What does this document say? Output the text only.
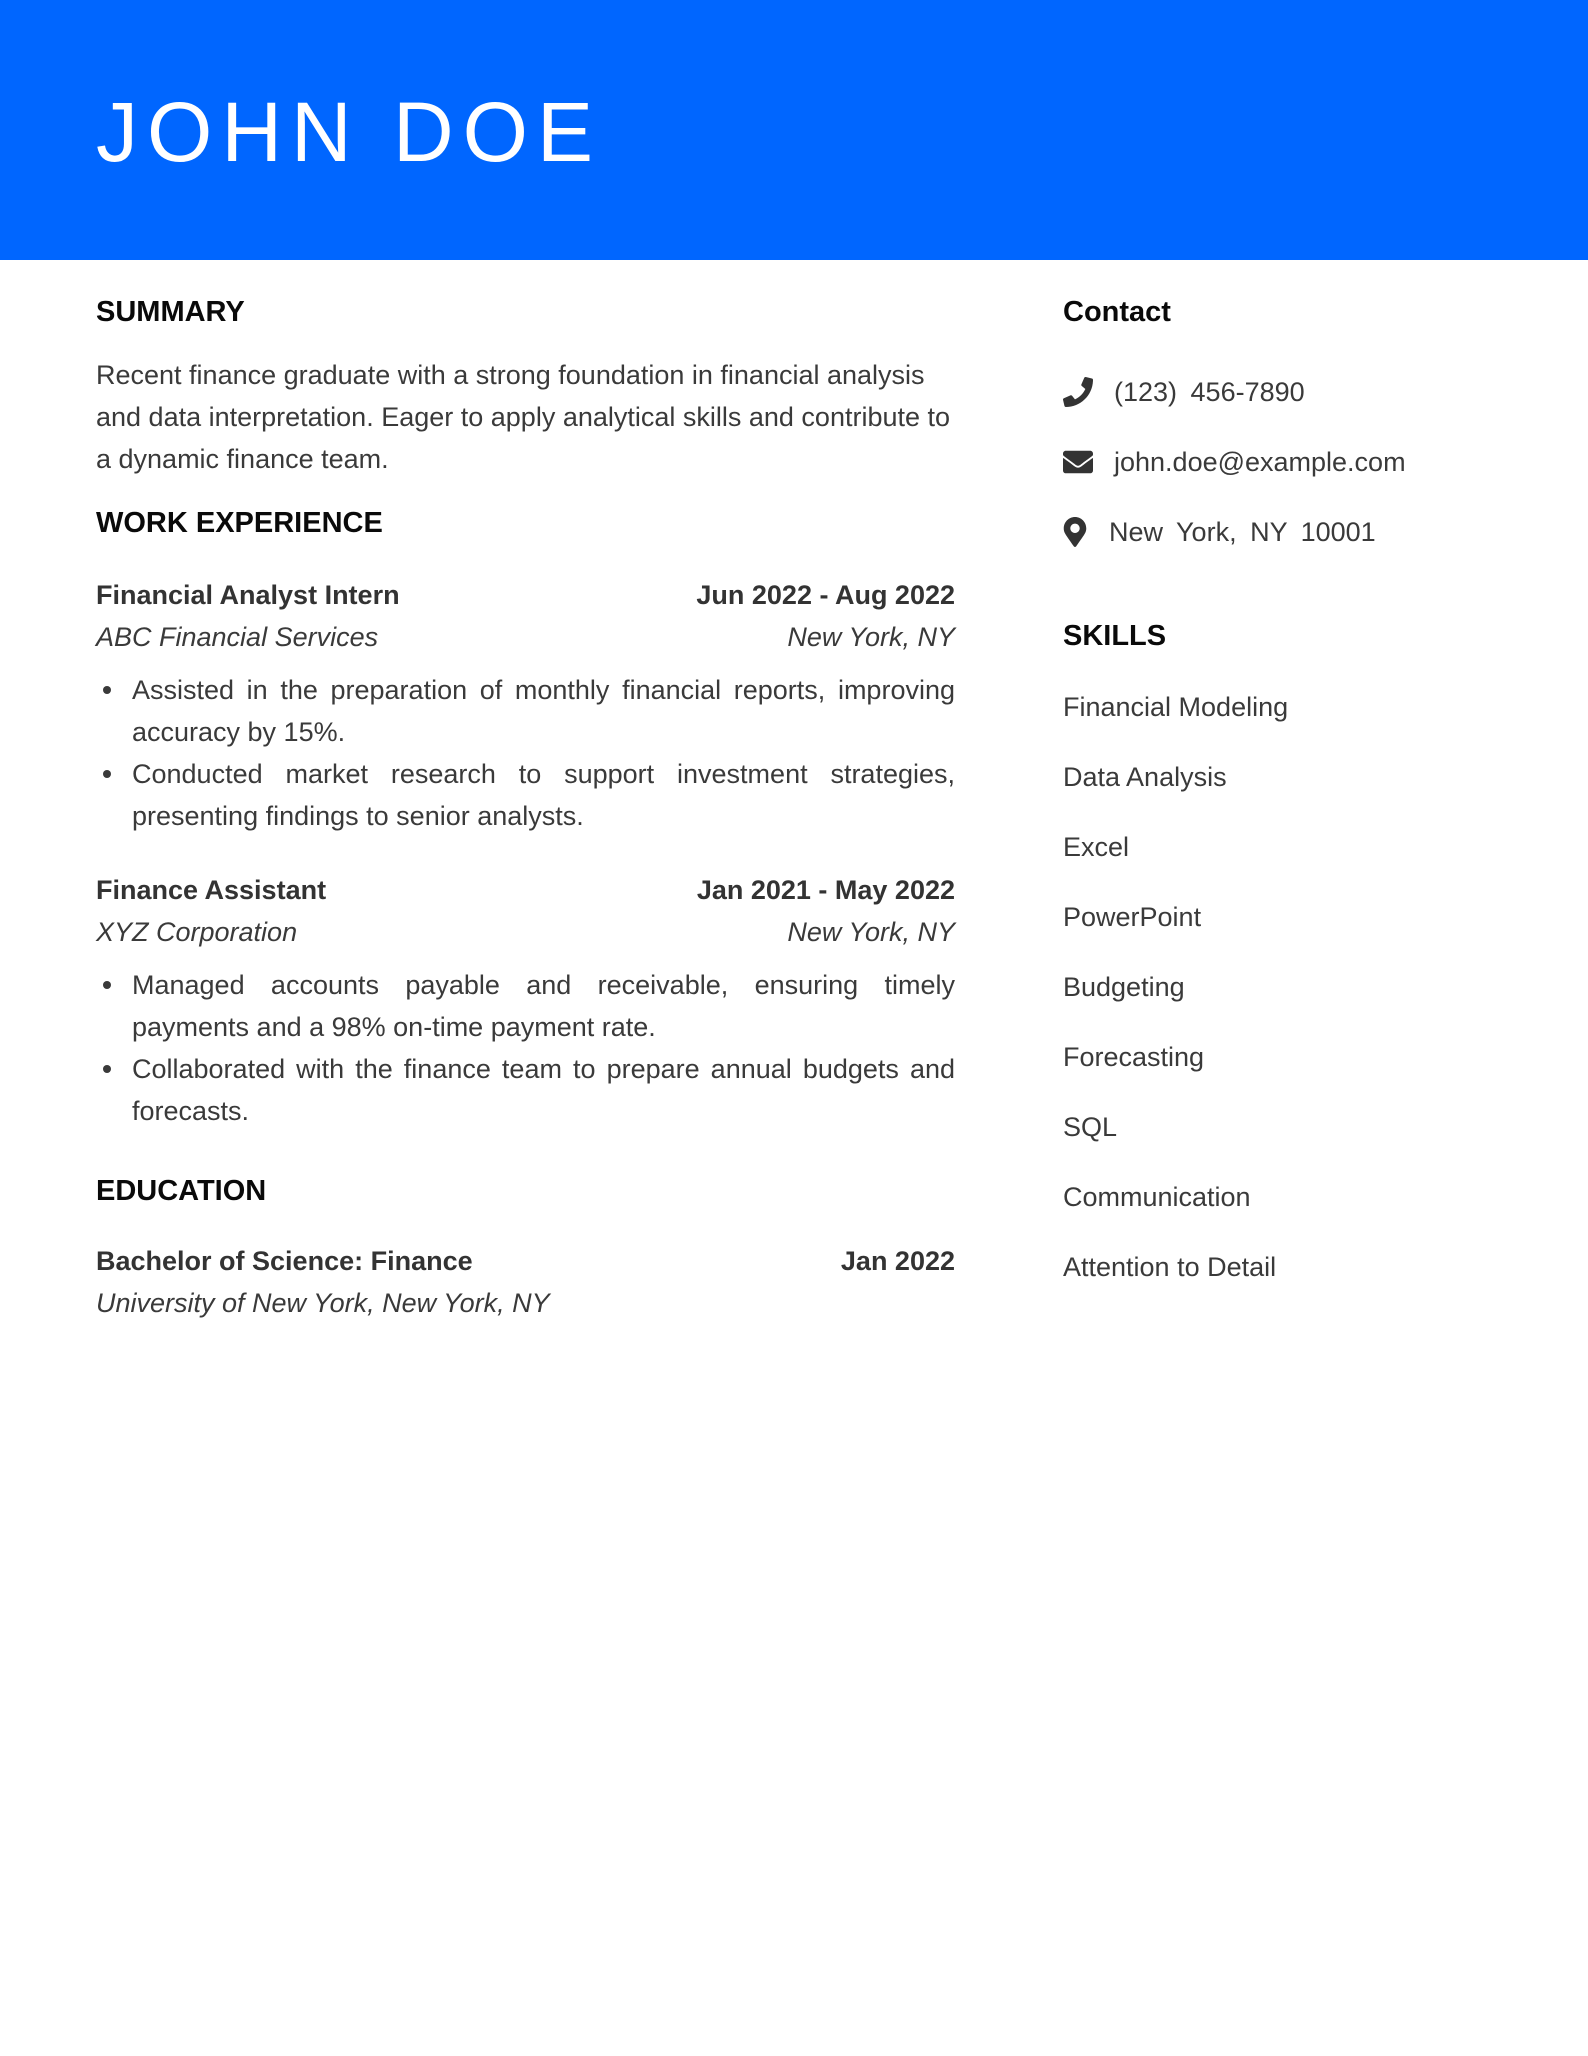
JOHN DOE
SUMMARY

Recent finance graduate with a strong foundation in financial analysis and data interpretation. Eager to apply analytical skills and contribute to a dynamic finance team.

WORK EXPERIENCE
Financial Analyst Intern	Jun 2022 - Aug 2022
ABC Financial Services	New York, NY
Assisted in the preparation of monthly financial reports, improving accuracy by 15%.
Conducted market research to support investment strategies, presenting findings to senior analysts.
Finance Assistant	Jan 2021 - May 2022
XYZ Corporation	New York, NY
Managed accounts payable and receivable, ensuring timely payments and a 98% on-time payment rate.
Collaborated with the finance team to prepare annual budgets and forecasts.
EDUCATION
Bachelor of Science: Finance	Jan 2022
University of New York, New York, NY
Contact
(123) 456-7890
john.doe@example.com
New York, NY 10001
SKILLS
Financial Modeling
Data Analysis
Excel
PowerPoint
Budgeting
Forecasting
SQL
Communication
Attention to Detail
